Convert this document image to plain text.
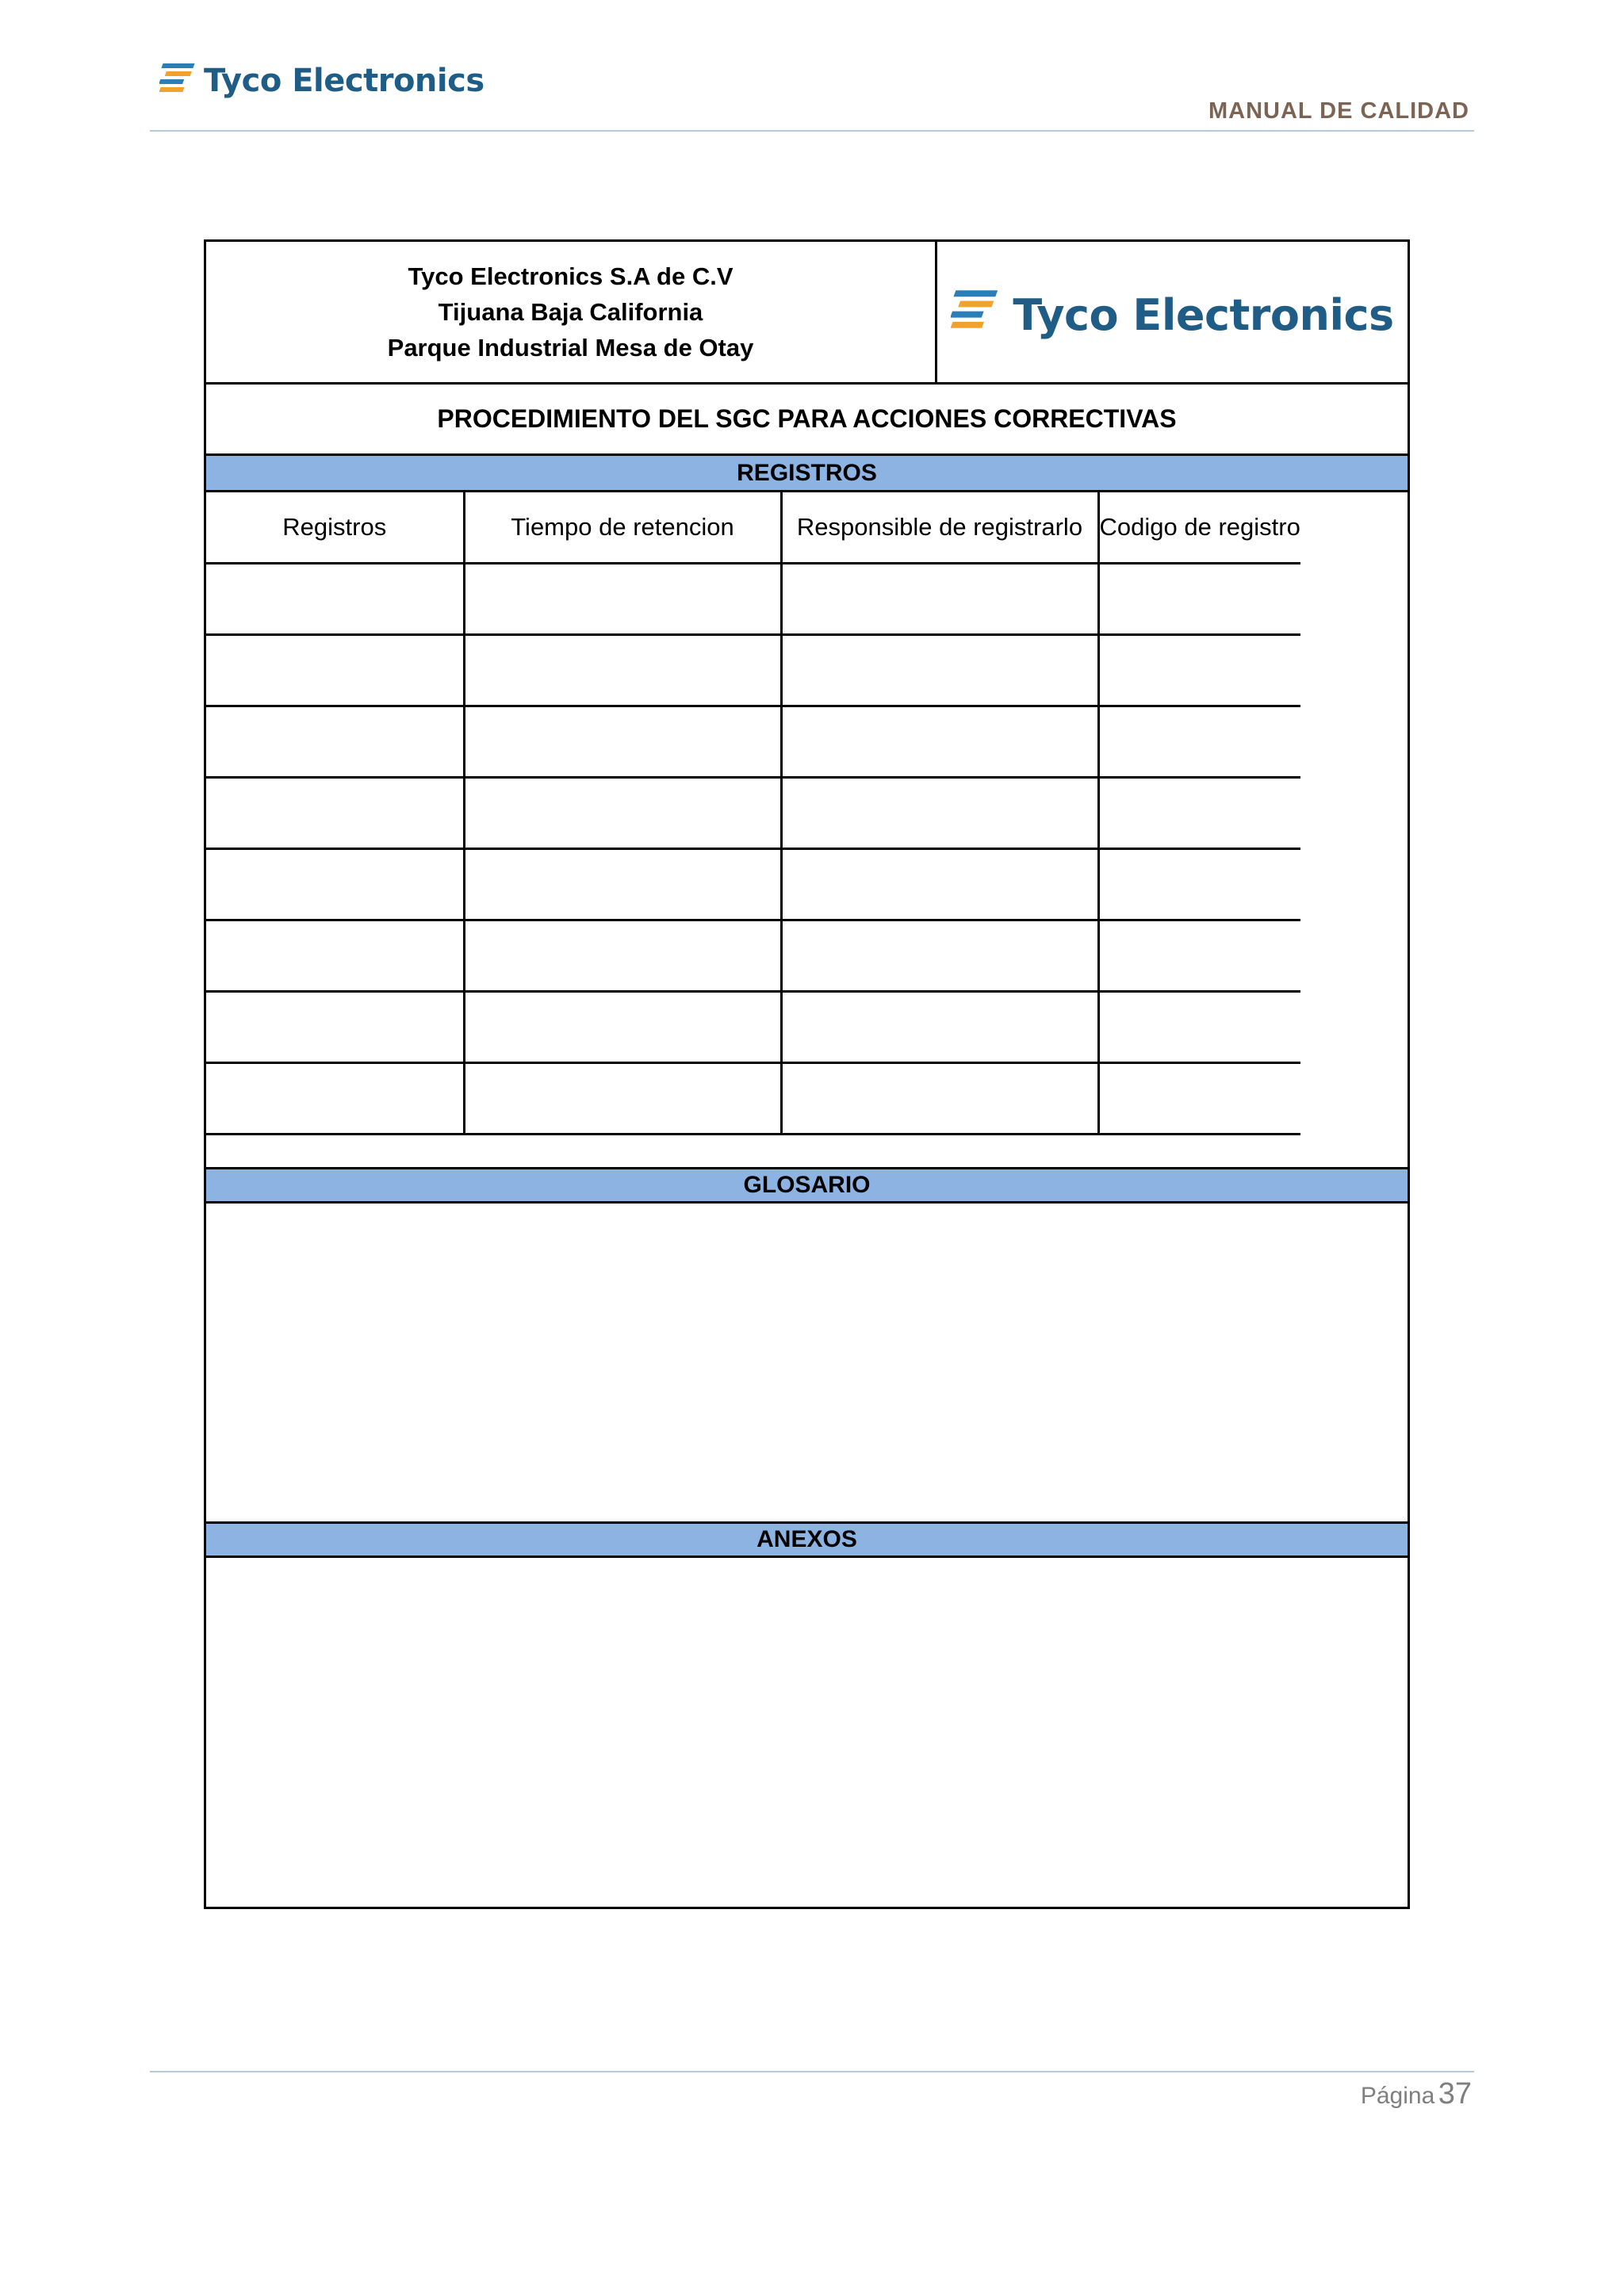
Tyco Electronics
MANUAL DE CALIDAD
Tyco Electronics S.A de C.V
Tijuana Baja California
Parque Industrial Mesa de Otay
Tyco Electronics
PROCEDIMIENTO DEL SGC PARA ACCIONES CORRECTIVAS
REGISTROS
Registros	Tiempo de retencion	Responsible de registrarlo	Codigo de registro

GLOSARIO
ANEXOS
Página 37
